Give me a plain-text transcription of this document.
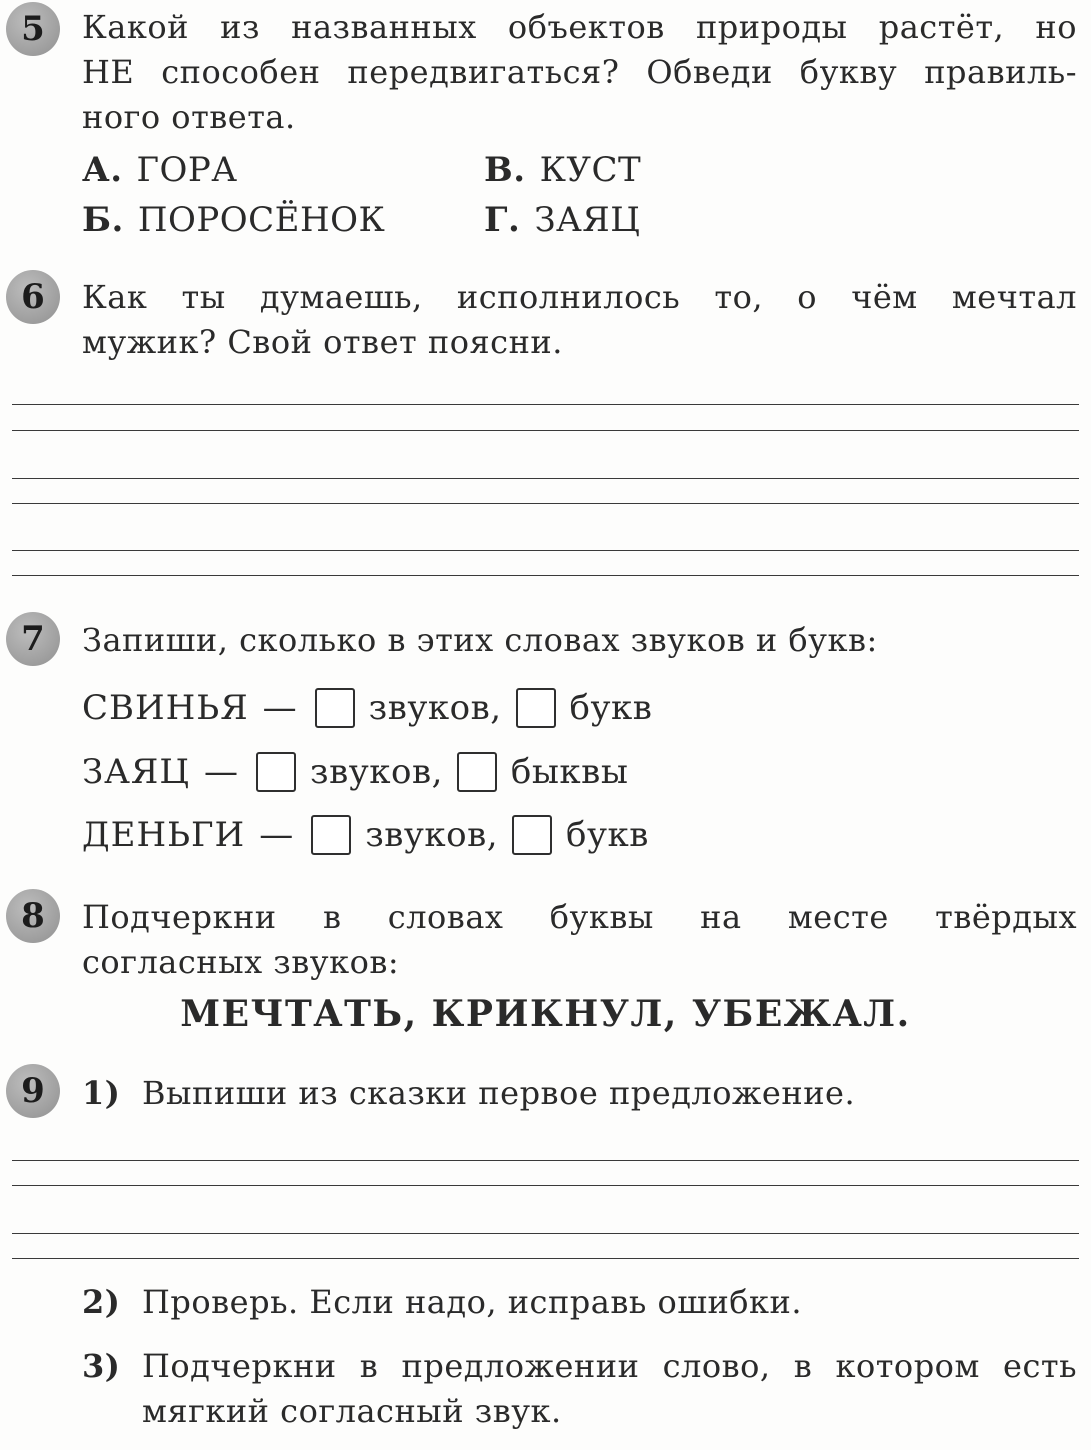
5	Какой из названных объектов природы растёт, но
НЕ способен передвигаться? Обведи букву правиль-
ного ответа.
А. ГОРА	В. КУСТ
Б. ПОРОСЁНОК	Г. ЗАЯЦ
6	Как ты думаешь, исполнилось то, о чём мечтал
мужик? Свой ответ поясни.
7	Запиши, сколько в этих словах звуков и букв:
СВИНЬЯ — звуков, букв
ЗАЯЦ — звуков, быквы
ДЕНЬГИ — звуков, букв
8	Подчеркни в словах буквы на месте твёрдых
согласных звуков:
МЕЧТАТЬ, КРИКНУЛ, УБЕЖАЛ.
9	1) Выпиши из сказки первое предложение.
2) Проверь. Если надо, исправь ошибки.
3) Подчеркни в предложении слово, в котором есть
мягкий согласный звук.
